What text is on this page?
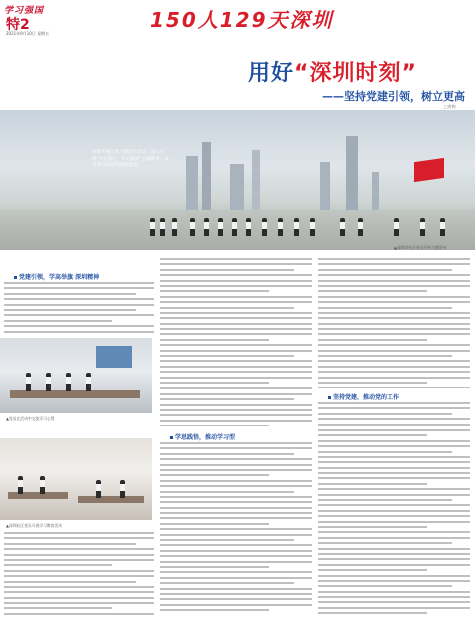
学习强国
特2
2021年9月10日 星期五
150人129天深圳
用好“深圳时刻”
——坚持党建引领，树立更高
□曾梅
连续开展入党主题党日活动，深入开展“不忘初心、牢记使命”主题教育，奋力书写新时代深圳答卷。
▲深圳市社区党员开展主题活动
党建引领，学高举旗 深圳精神
▲党员在活动中交流学习心得
▲深圳社区党员开展学习教育活动
学思践悟，推动学习型
坚持党建，推动党的工作
